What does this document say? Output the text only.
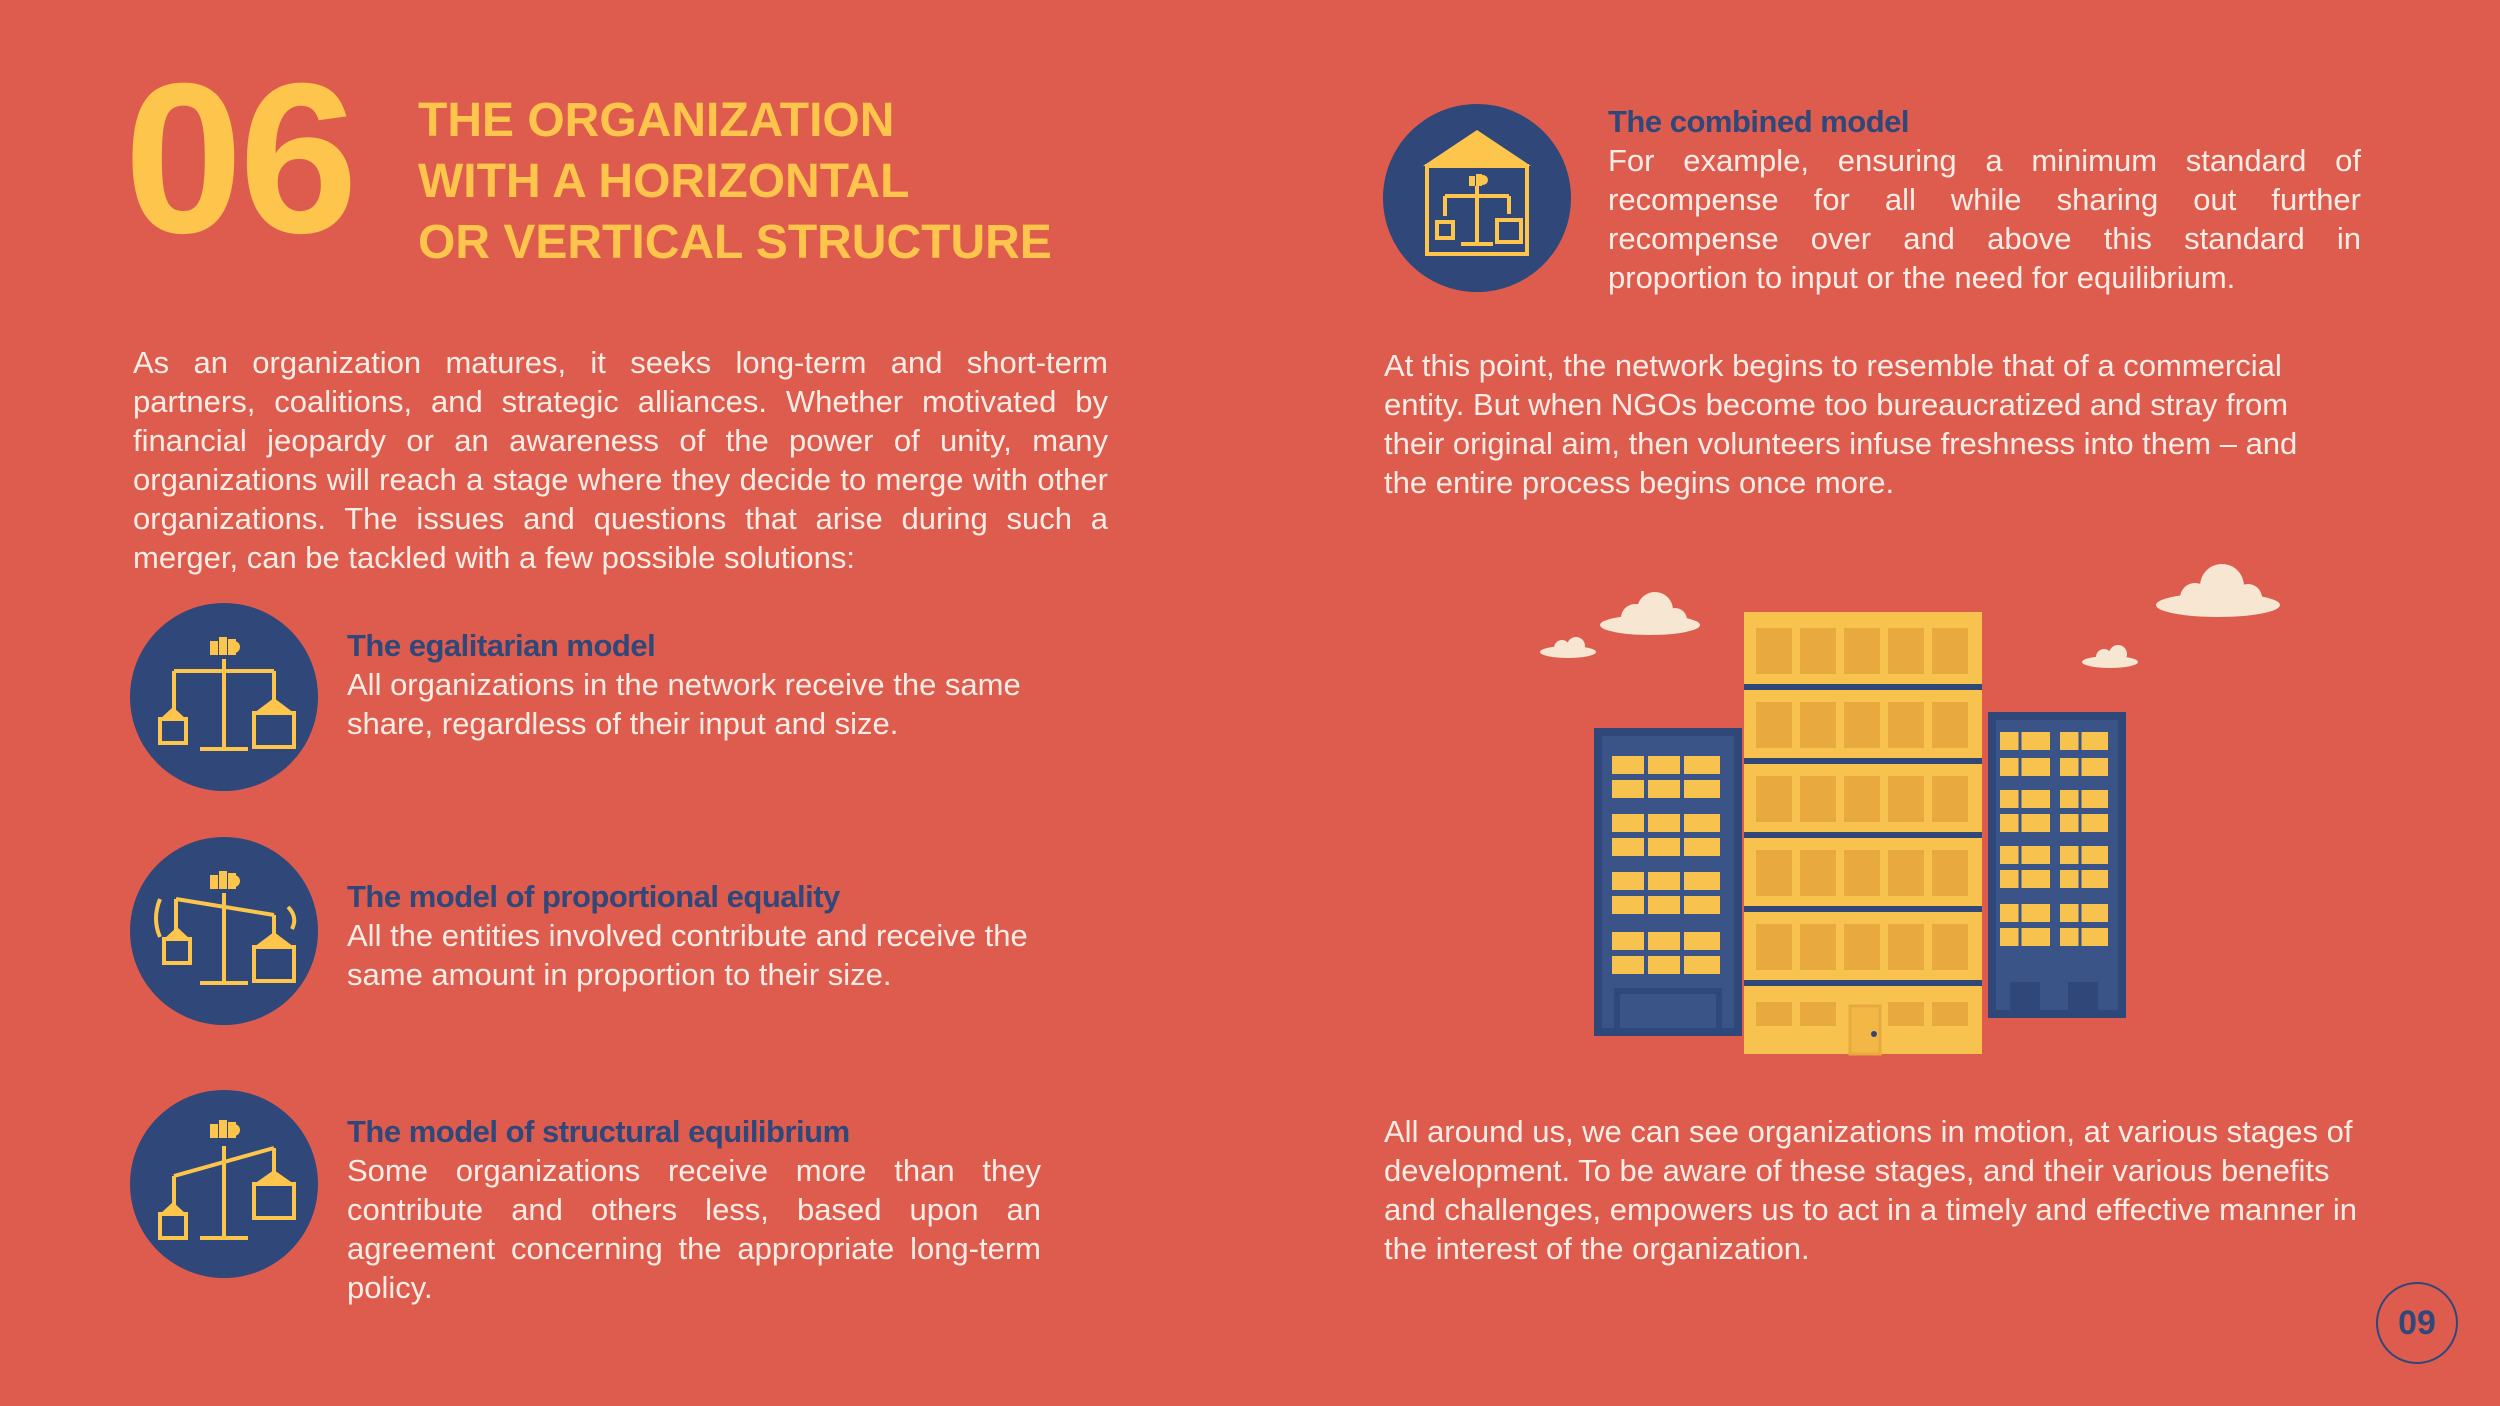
06 THE ORGANIZATION
WITH A HORIZONTAL
OR VERTICAL STRUCTURE
As an organization matures, it seeks long-term and short-term partners, coalitions, and strategic alliances. Whether motivated by financial jeopardy or an awareness of the power of unity, many organizations will reach a stage where they decide to merge with other organizations. The issues and questions that arise during such a merger, can be tackled with a few possible solutions:
The egalitarian model
All organizations in the network receive the same share, regardless of their input and size.
The model of proportional equality
All the entities involved contribute and receive the same amount in proportion to their size.
The model of structural equilibrium
Some organizations receive more than they contribute and others less, based upon an agreement concerning the appropriate long-term policy.
The combined model
For example, ensuring a minimum standard of recompense for all while sharing out further recompense over and above this standard in proportion to input or the need for equilibrium.
At this point, the network begins to resemble that of a commercial entity. But when NGOs become too bureaucratized and stray from their original aim, then volunteers infuse freshness into them – and the entire process begins once more.
All around us, we can see organizations in motion, at various stages of development. To be aware of these stages, and their various benefits and challenges, empowers us to act in a timely and effective manner in the interest of the organization.
09
